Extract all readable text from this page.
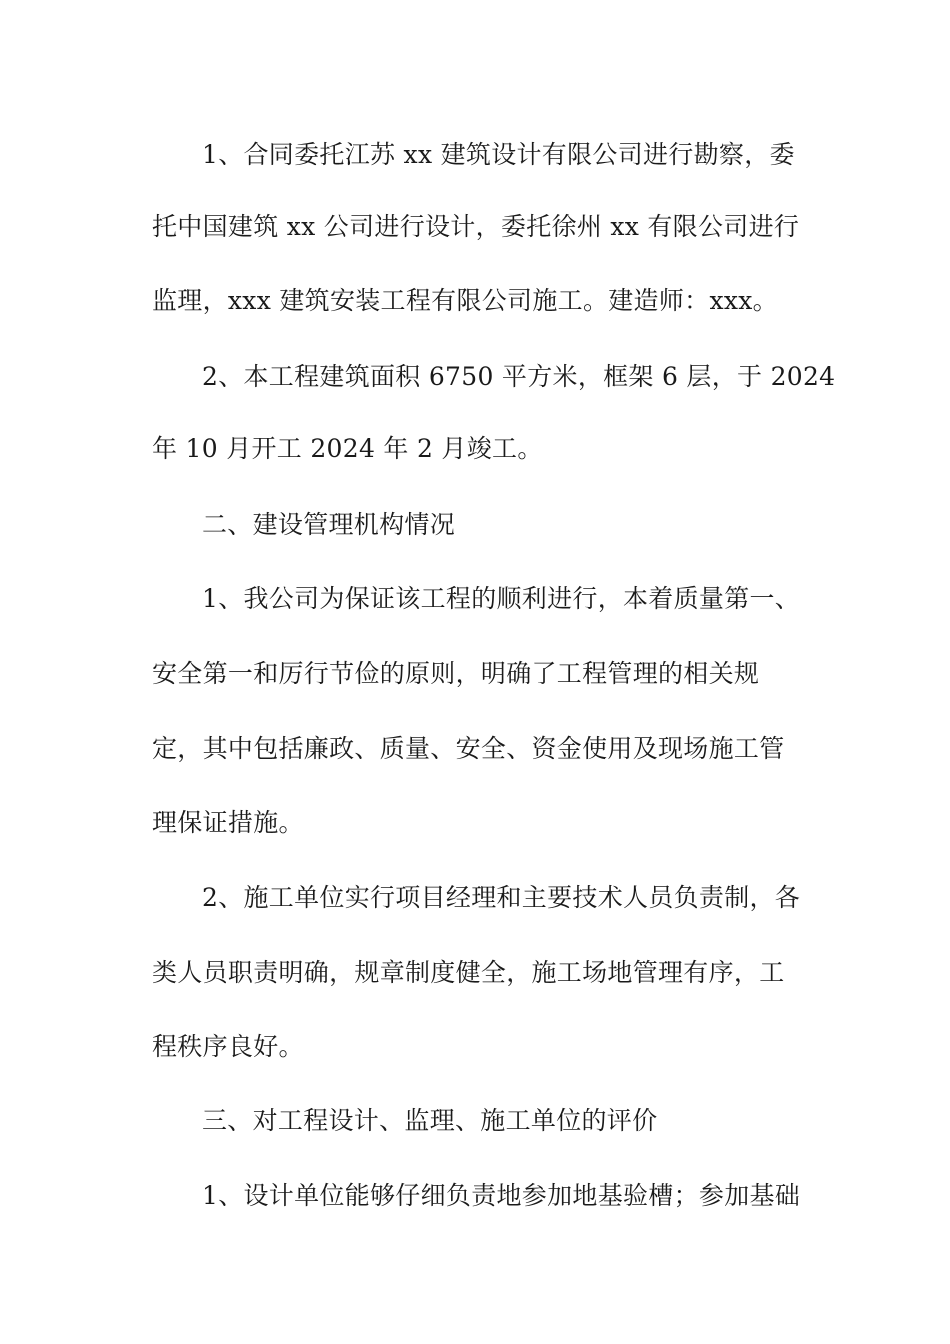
1、合同委托江苏 xx 建筑设计有限公司进行勘察，委
托中国建筑 xx 公司进行设计，委托徐州 xx 有限公司进行
监理，xxx 建筑安装工程有限公司施工。建造师：xxx。
2、本工程建筑面积 6750 平方米，框架 6 层，于 2024
年 10 月开工 2024 年 2 月竣工。
二、建设管理机构情况
1、我公司为保证该工程的顺利进行，本着质量第一、
安全第一和厉行节俭的原则，明确了工程管理的相关规
定，其中包括廉政、质量、安全、资金使用及现场施工管
理保证措施。
2、施工单位实行项目经理和主要技术人员负责制，各
类人员职责明确，规章制度健全，施工场地管理有序，工
程秩序良好。
三、对工程设计、监理、施工单位的评价
1、设计单位能够仔细负责地参加地基验槽；参加基础
